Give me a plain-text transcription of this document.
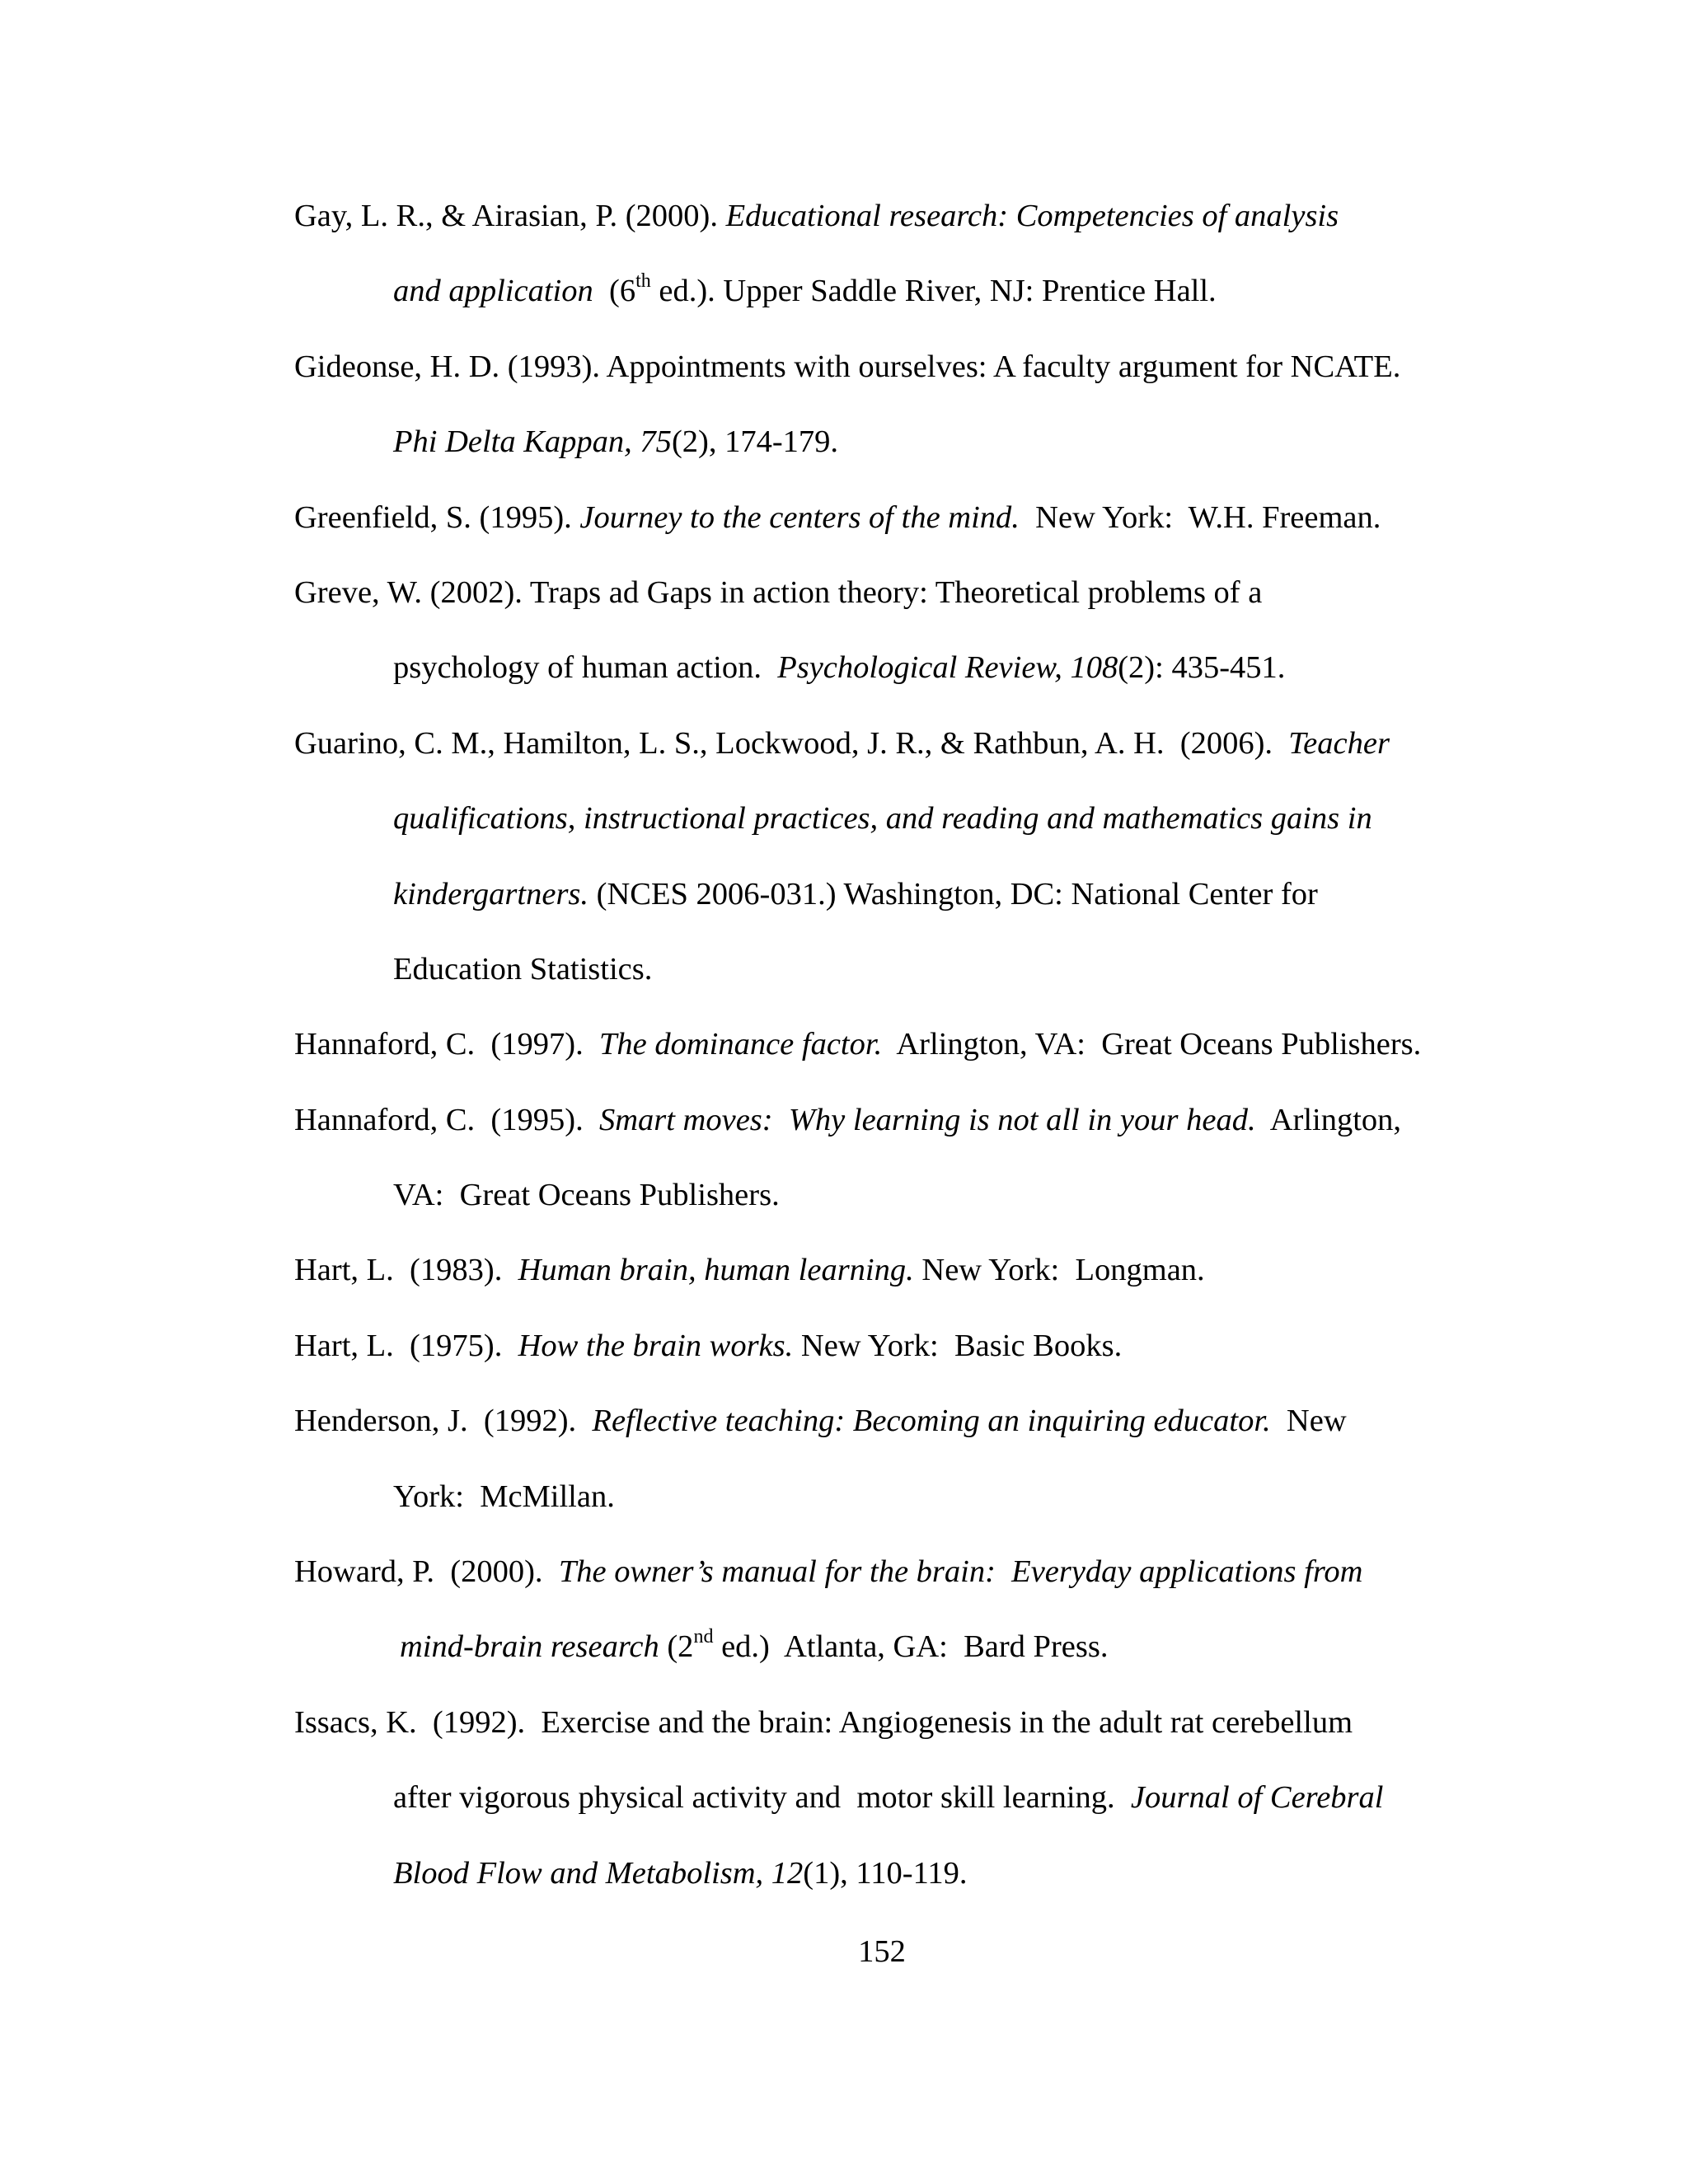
Gay, L. R., & Airasian, P. (2000). Educational research: Competencies of analysis
and application  (6th ed.). Upper Saddle River, NJ: Prentice Hall.
Gideonse, H. D. (1993). Appointments with ourselves: A faculty argument for NCATE.
Phi Delta Kappan, 75(2), 174-179.
Greenfield, S. (1995). Journey to the centers of the mind.  New York:  W.H. Freeman.
Greve, W. (2002). Traps ad Gaps in action theory: Theoretical problems of a
psychology of human action.  Psychological Review, 108(2): 435-451.
Guarino, C. M., Hamilton, L. S., Lockwood, J. R., & Rathbun, A. H.  (2006).  Teacher
qualifications, instructional practices, and reading and mathematics gains in
kindergartners. (NCES 2006-031.) Washington, DC: National Center for
Education Statistics.
Hannaford, C.  (1997).  The dominance factor.  Arlington, VA:  Great Oceans Publishers.
Hannaford, C.  (1995).  Smart moves:  Why learning is not all in your head.  Arlington,
VA:  Great Oceans Publishers.
Hart, L.  (1983).  Human brain, human learning. New York:  Longman.
Hart, L.  (1975).  How the brain works. New York:  Basic Books.
Henderson, J.  (1992).  Reflective teaching: Becoming an inquiring educator.  New
York:  McMillan.
Howard, P.  (2000).  The owner’s manual for the brain:  Everyday applications from
mind-brain research (2nd ed.)  Atlanta, GA:  Bard Press.
Issacs, K.  (1992).  Exercise and the brain: Angiogenesis in the adult rat cerebellum
after vigorous physical activity and  motor skill learning.  Journal of Cerebral
Blood Flow and Metabolism, 12(1), 110-119.
152
